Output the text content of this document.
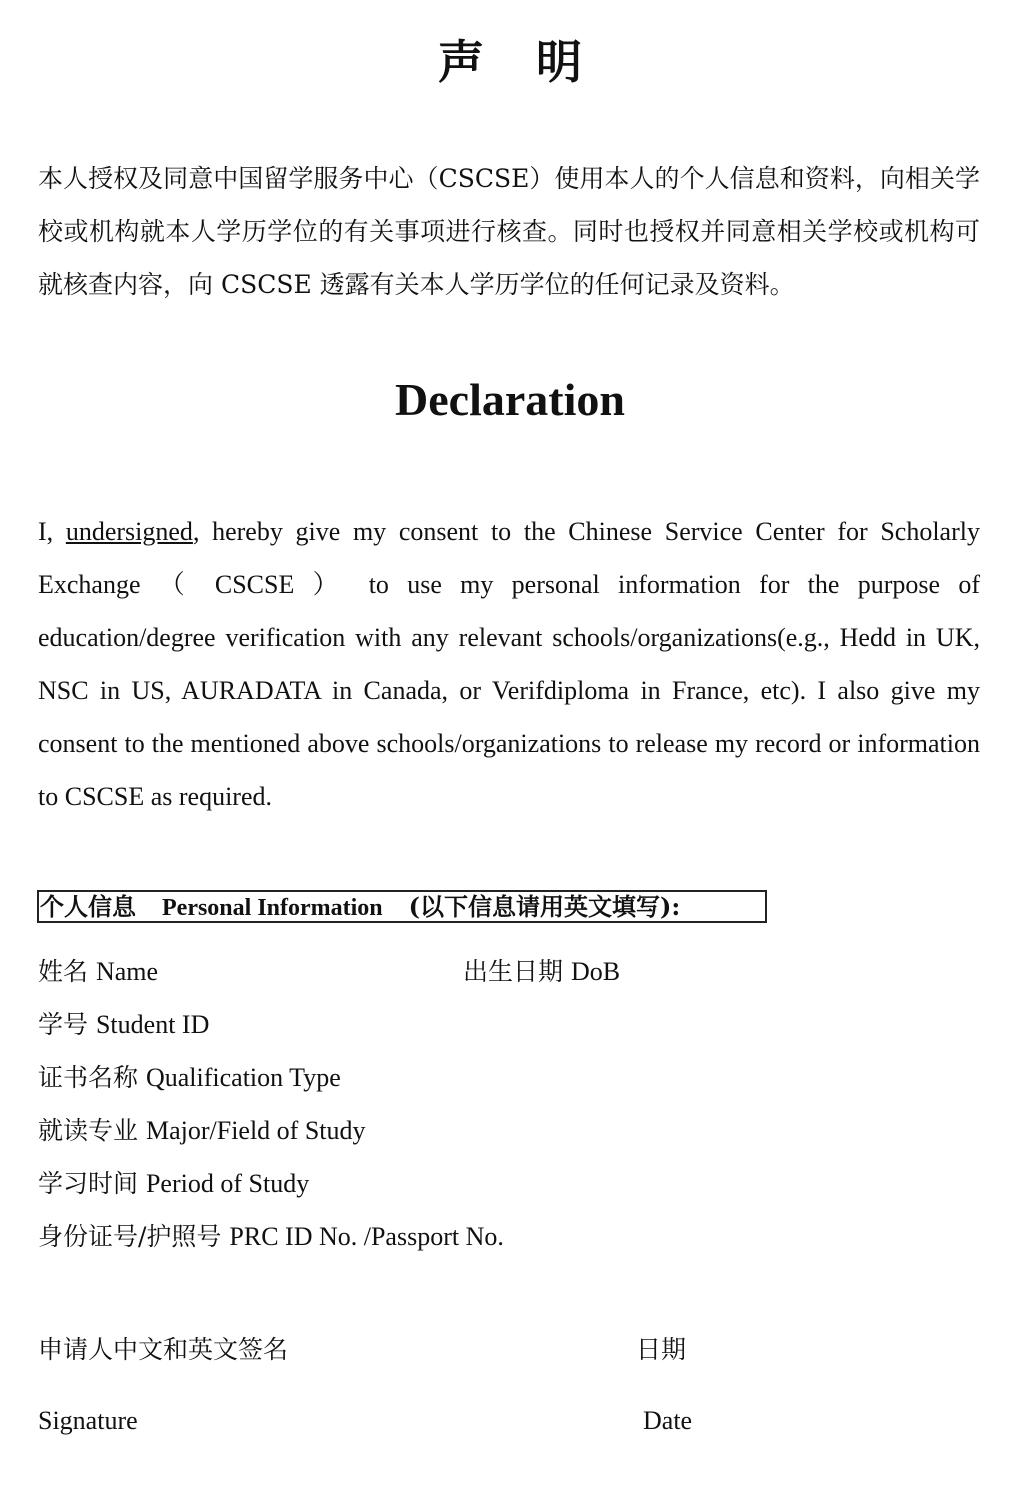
声明

本人授权及同意中国留学服务中心（CSCSE）使用本人的个人信息和资料，向相关学校或机构就本人学历学位的有关事项进行核查。同时也授权并同意相关学校或机构可就核查内容，向 CSCSE 透露有关本人学历学位的任何记录及资料。

Declaration

I, undersigned, hereby give my consent to the Chinese Service Center for Scholarly Exchange （ CSCSE ） to use my personal information for the purpose of education/degree verification with any relevant schools/organizations(e.g., Hedd in UK, NSC in US, AURADATA in Canada, or Verifdiploma in France, etc). I also give my consent to the mentioned above schools/organizations to release my record or information to CSCSE as required.

个人信息 Personal Information (以下信息请用英文填写):
姓名 Name	出生日期 DoB
学号 Student ID
证书名称 Qualification Type
就读专业 Major/Field of Study
学习时间 Period of Study
身份证号/护照号 PRC ID No. /Passport No.
申请人中文和英文签名	日期
Signature	Date
